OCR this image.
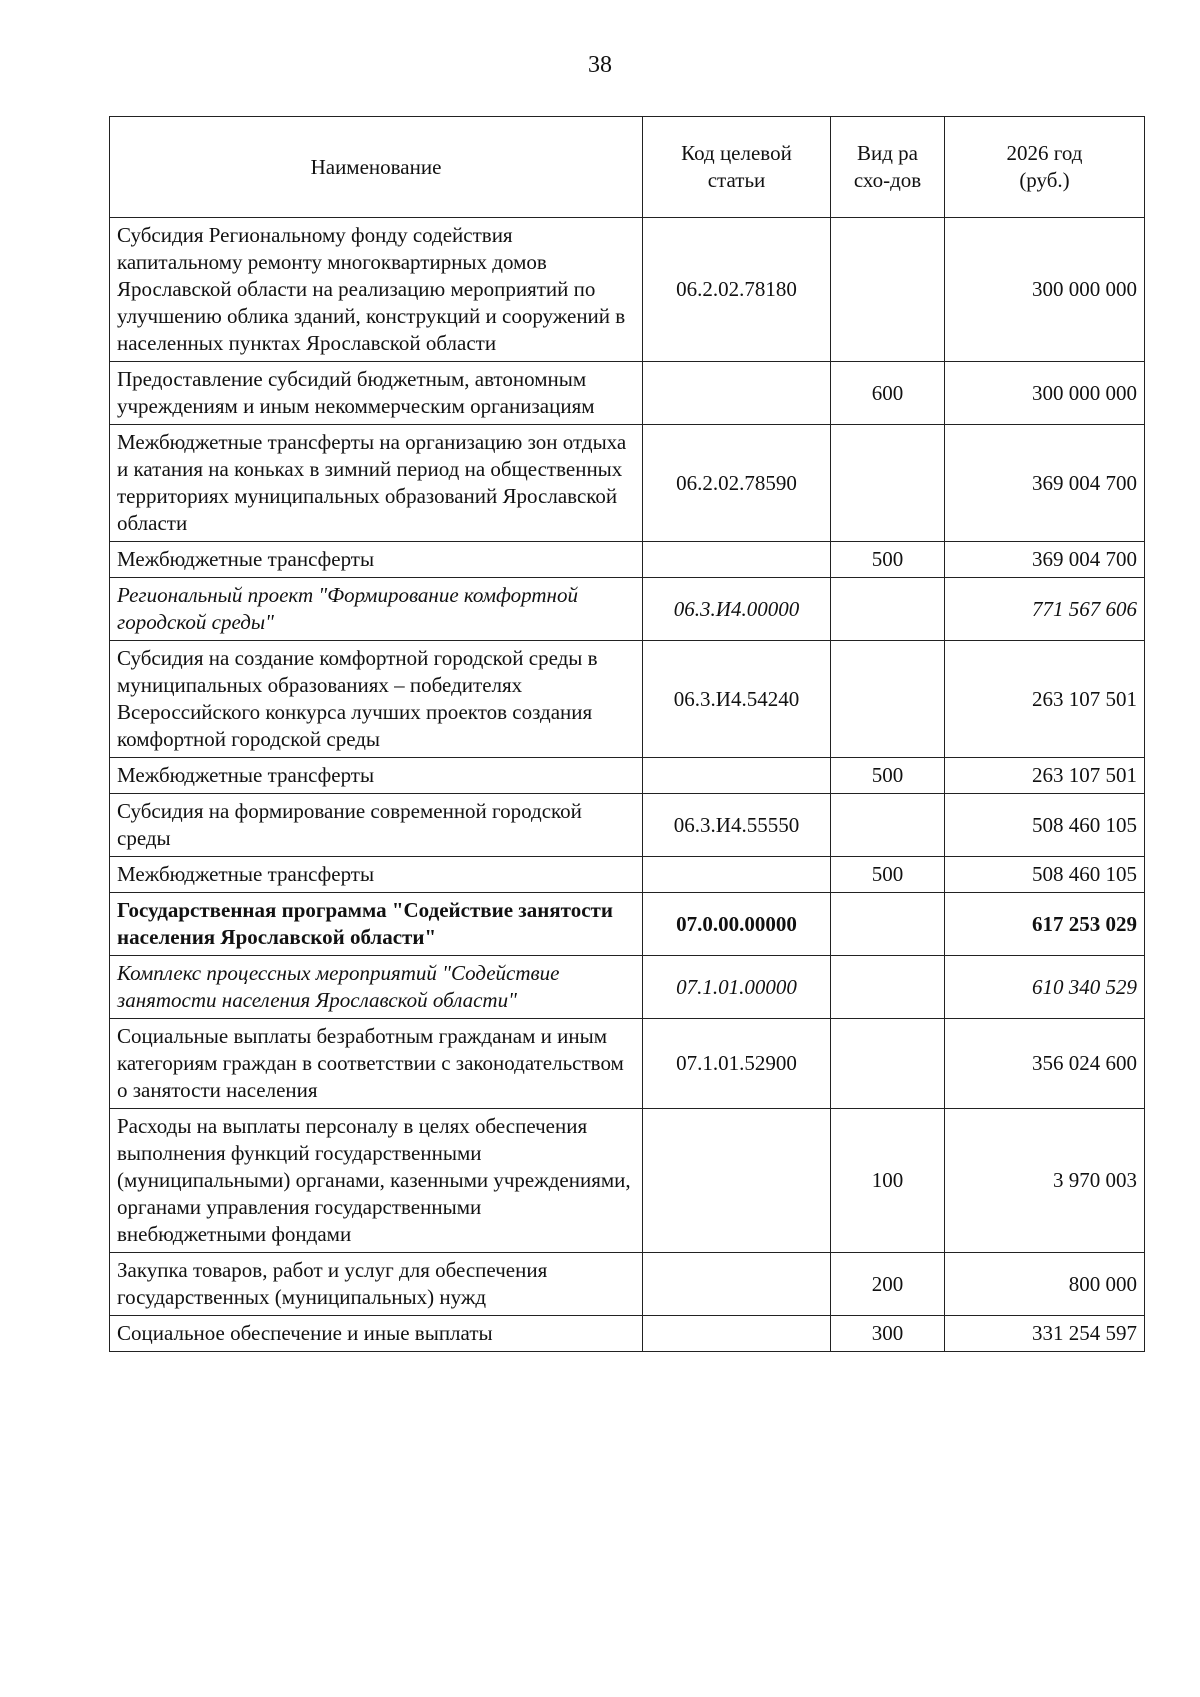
38
Наименование	Код целевой статьи	Вид расхо-дов	2026 год (руб.)
Субсидия Региональному фонду содействия капитальному ремонту многоквартирных домов Ярославской области на реализацию мероприятий по улучшению облика зданий, конструкций и сооружений в населенных пунктах Ярославской области	06.2.02.78180		300 000 000
Предоставление субсидий бюджетным, автономным учреждениям и иным некоммерческим организациям		600	300 000 000
Межбюджетные трансферты на организацию зон отдыха и катания на коньках в зимний период на общественных территориях муниципальных образований Ярославской области	06.2.02.78590		369 004 700
Межбюджетные трансферты		500	369 004 700
Региональный проект "Формирование комфортной городской среды"	06.3.И4.00000		771 567 606
Субсидия на создание комфортной городской среды в муниципальных образованиях – победителях Всероссийского конкурса лучших проектов создания комфортной городской среды	06.3.И4.54240		263 107 501
Межбюджетные трансферты		500	263 107 501
Субсидия на формирование современной городской среды	06.3.И4.55550		508 460 105
Межбюджетные трансферты		500	508 460 105
Государственная программа "Содействие занятости населения Ярославской области"	07.0.00.00000		617 253 029
Комплекс процессных мероприятий "Содействие занятости населения Ярославской области"	07.1.01.00000		610 340 529
Социальные выплаты безработным гражданам и иным категориям граждан в соответствии с законодательством о занятости населения	07.1.01.52900		356 024 600
Расходы на выплаты персоналу в целях обеспечения выполнения функций государственными (муниципальными) органами, казенными учреждениями, органами управления государственными внебюджетными фондами		100	3 970 003
Закупка товаров, работ и услуг для обеспечения государственных (муниципальных) нужд		200	800 000
Социальное обеспечение и иные выплаты		300	331 254 597
